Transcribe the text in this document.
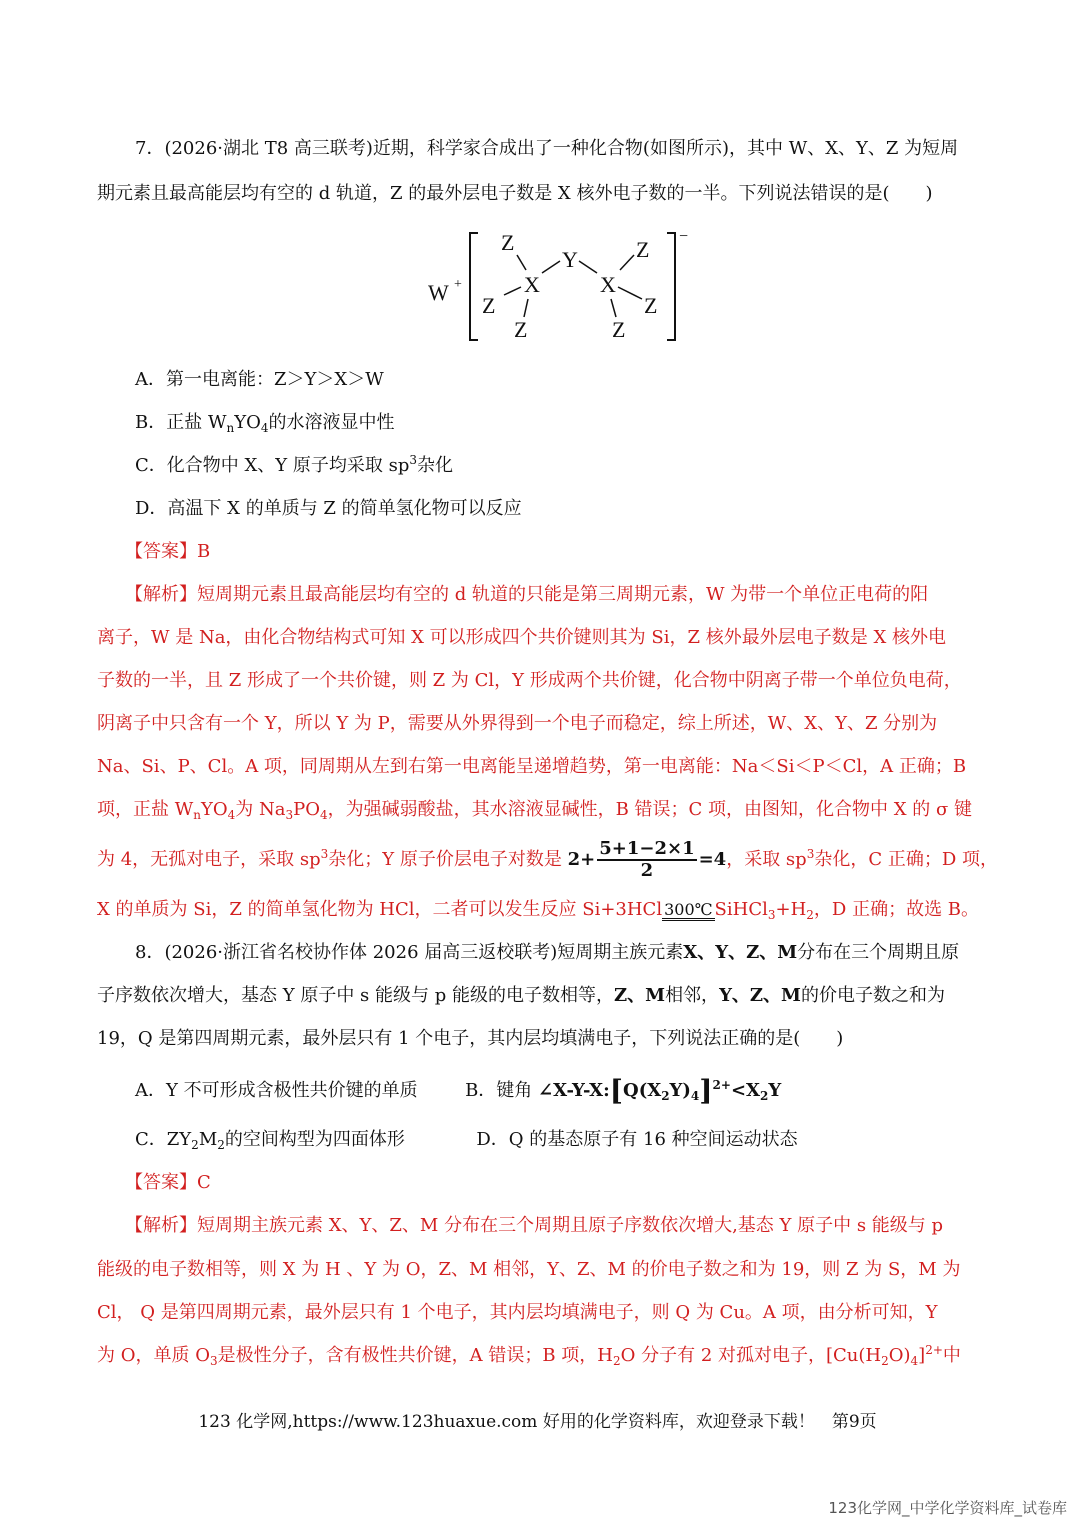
7．(2026·湖北 T8 高三联考)近期，科学家合成出了一种化合物(如图所示)，其中 W、X、Y、Z 为短周
期元素且最高能层均有空的 d 轨道，Z 的最外层电子数是 X 核外电子数的一半。下列说法错误的是(　　)
W +
−
X
Z
Z
Z
Y
X
Z
Z
Z
A．第一电离能：Z＞Y＞X＞W
B．正盐 $W_nYO_4$的水溶液显中性
C．化合物中 X、Y 原子均采取 $sp^3$杂化
D．高温下 X 的单质与 Z 的简单氢化物可以反应
【答案】B
【解析】短周期元素且最高能层均有空的 d 轨道的只能是第三周期元素，W 为带一个单位正电荷的阳
离子，W 是 Na，由化合物结构式可知 X 可以形成四个共价键则其为 Si，Z 核外最外层电子数是 X 核外电
子数的一半，且 Z 形成了一个共价键，则 Z 为 Cl，Y 形成两个共价键，化合物中阴离子带一个单位负电荷，
阴离子中只含有一个 Y，所以 Y 为 P，需要从外界得到一个电子而稳定，综上所述，W、X、Y、Z 分别为
Na、Si、P、Cl。A 项，同周期从左到右第一电离能呈递增趋势，第一电离能：Na＜Si＜P＜Cl，A 正确；B
项，正盐 $W_nYO_4$为 $Na_3PO_4$，为强碱弱酸盐，其水溶液显碱性，B 错误；C 项，由图知，化合物中 X 的 σ 键
为 4，无孤对电子，采取 $sp^3$杂化；Y 原子价层电子对数是 $2+ \frac{5+1-2\times 1}{2} =4$，采取 $sp^3$杂化，C 正确；D 项，
X 的单质为 Si，Z 的简单氢化物为 HCl，二者可以发生反应 Si+3HCl 300℃ $SiHCl_3+H_2$，D 正确；故选 B。
8．(2026·浙江省名校协作体 2026 届高三返校联考)短周期主族元素X、Y、Z、M分布在三个周期且原
子序数依次增大，基态 Y 原子中 s 能级与 p 能级的电子数相等，Z、M相邻，Y、Z、M的价电子数之和为
19，Q 是第四周期元素，最外层只有 1 个电子，其内层均填满电子，下列说法正确的是(　　)
A．Y 不可形成含极性共价键的单质	B．键角 $\angle X-Y-X:[Q(X_2Y)_4]^{2+}<X_2Y$
C．$ZY_2M_2$的空间构型为四面体形	D．Q 的基态原子有 16 种空间运动状态
【答案】C
【解析】短周期主族元素 X、Y、Z、M 分布在三个周期且原子序数依次增大,基态 Y 原子中 s 能级与 p
能级的电子数相等，则 X 为 H 、Y 为 O，Z、M 相邻，Y、Z、M 的价电子数之和为 19，则 Z 为 S，M 为
Cl， Q 是第四周期元素，最外层只有 1 个电子，其内层均填满电子，则 Q 为 Cu。A 项，由分析可知，Y
为 O，单质 $O_3$是极性分子，含有极性共价键，A 错误；B 项，$H_2O$ 分子有 2 对孤对电子，$[Cu(H_2O)_4]^{2+}$中
123 化学网,https://www.123huaxue.com 好用的化学资料库，欢迎登录下载！　第9页
123化学网_中学化学资料库_试卷库
